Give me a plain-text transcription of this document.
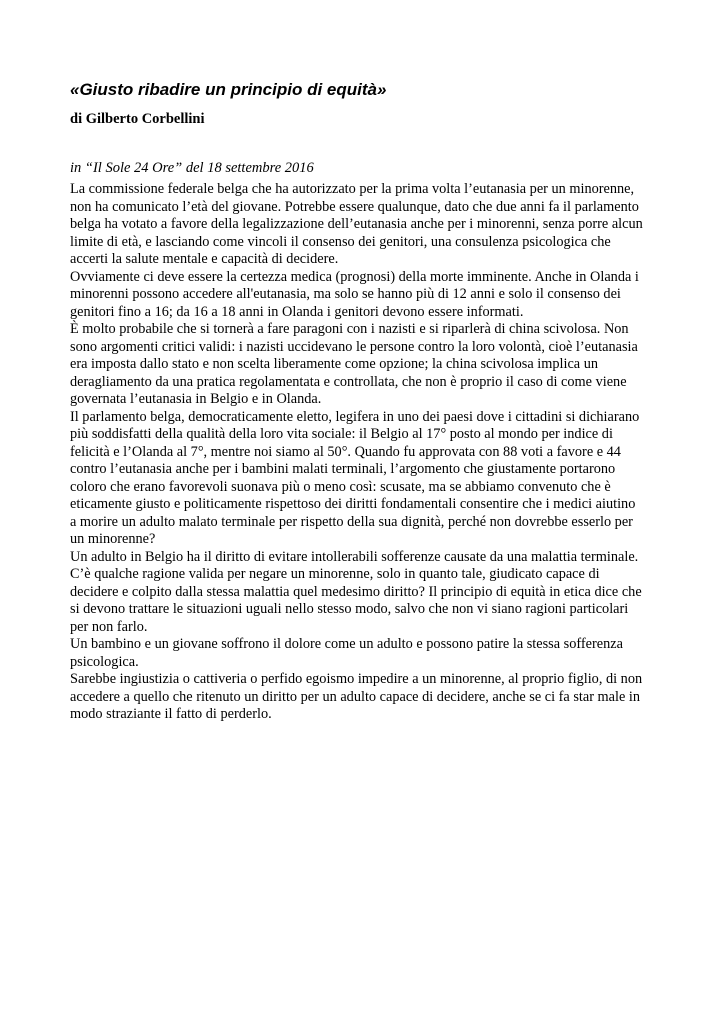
«Giusto ribadire un principio di equità»

di Gilberto Corbellini

in “Il Sole 24 Ore” del 18 settembre 2016

La commissione federale belga che ha autorizzato per la prima volta l’eutanasia per un minorenne,
non ha comunicato l’età del giovane. Potrebbe essere qualunque, dato che due anni fa il parlamento
belga ha votato a favore della legalizzazione dell’eutanasia anche per i minorenni, senza porre alcun
limite di età, e lasciando come vincoli il consenso dei genitori, una consulenza psicologica che
accerti la salute mentale e capacità di decidere.
Ovviamente ci deve essere la certezza medica (prognosi) della morte imminente. Anche in Olanda i
minorenni possono accedere all'eutanasia, ma solo se hanno più di 12 anni e solo il consenso dei
genitori fino a 16; da 16 a 18 anni in Olanda i genitori devono essere informati.
È molto probabile che si tornerà a fare paragoni con i nazisti e si riparlerà di china scivolosa. Non
sono argomenti critici validi: i nazisti uccidevano le persone contro la loro volontà, cioè l’eutanasia
era imposta dallo stato e non scelta liberamente come opzione; la china scivolosa implica un
deragliamento da una pratica regolamentata e controllata, che non è proprio il caso di come viene
governata l’eutanasia in Belgio e in Olanda.
Il parlamento belga, democraticamente eletto, legifera in uno dei paesi dove i cittadini si dichiarano
più soddisfatti della qualità della loro vita sociale: il Belgio al 17° posto al mondo per indice di
felicità e l’Olanda al 7°, mentre noi siamo al 50°. Quando fu approvata con 88 voti a favore e 44
contro l’eutanasia anche per i bambini malati terminali, l’argomento che giustamente portarono
coloro che erano favorevoli suonava più o meno così: scusate, ma se abbiamo convenuto che è
eticamente giusto e politicamente rispettoso dei diritti fondamentali consentire che i medici aiutino
a morire un adulto malato terminale per rispetto della sua dignità, perché non dovrebbe esserlo per
un minorenne?
Un adulto in Belgio ha il diritto di evitare intollerabili sofferenze causate da una malattia terminale.
C’è qualche ragione valida per negare un minorenne, solo in quanto tale, giudicato capace di
decidere e colpito dalla stessa malattia quel medesimo diritto? Il principio di equità in etica dice che
si devono trattare le situazioni uguali nello stesso modo, salvo che non vi siano ragioni particolari
per non farlo.
Un bambino e un giovane soffrono il dolore come un adulto e possono patire la stessa sofferenza
psicologica.
Sarebbe ingiustizia o cattiveria o perfido egoismo impedire a un minorenne, al proprio figlio, di non
accedere a quello che ritenuto un diritto per un adulto capace di decidere, anche se ci fa star male in
modo straziante il fatto di perderlo.
